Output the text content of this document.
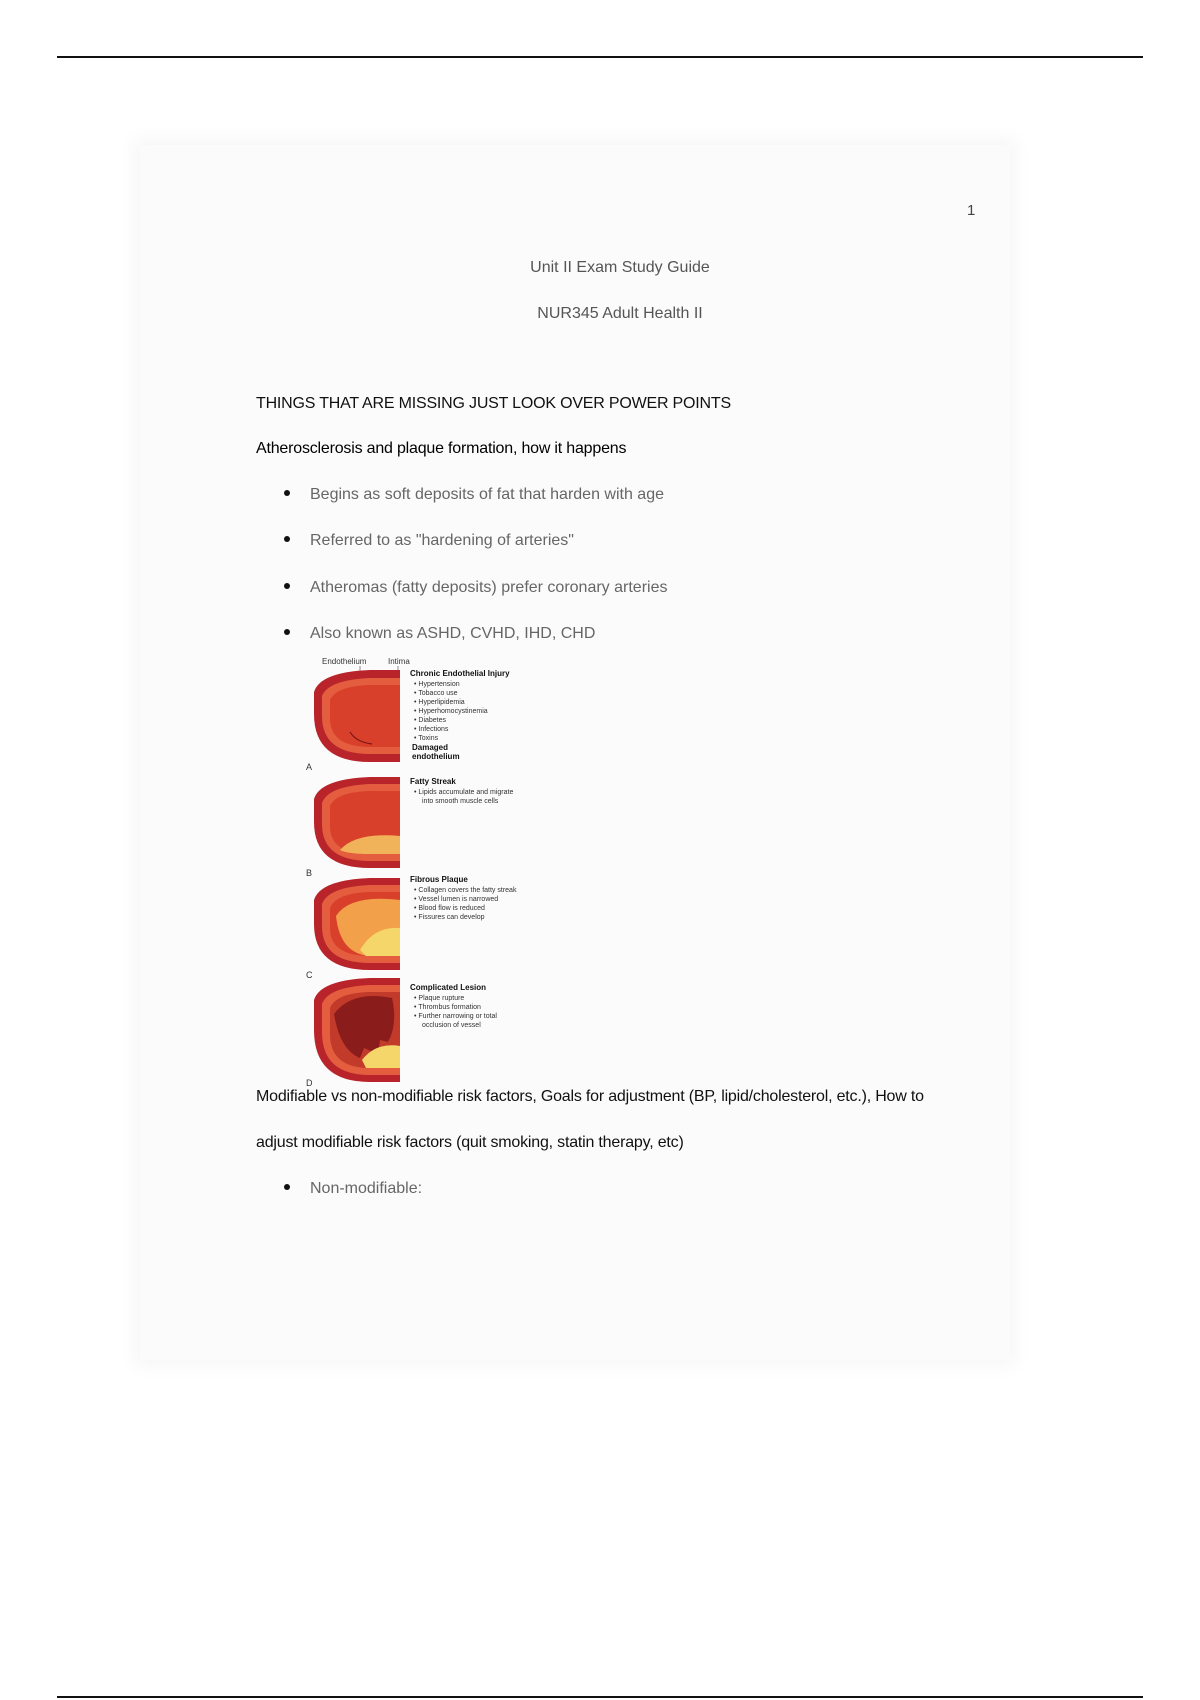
1
Unit II Exam Study Guide
NUR345 Adult Health II
THINGS THAT ARE MISSING JUST LOOK OVER POWER POINTS
Atherosclerosis and plaque formation, how it happens
Begins as soft deposits of fat that harden with age
Referred to as "hardening of arteries"
Atheromas (fatty deposits) prefer coronary arteries
Also known as ASHD, CVHD, IHD, CHD
Endothelium	Intima
A
Chronic Endothelial Injury
• Hypertension
• Tobacco use
• Hyperlipidemia
• Hyperhomocystinemia
• Diabetes
• Infections
• Toxins
Damaged
endothelium
B
Fatty Streak
• Lipids accumulate and migrate
into smooth muscle cells
C
Fibrous Plaque
• Collagen covers the fatty streak
• Vessel lumen is narrowed
• Blood flow is reduced
• Fissures can develop
D
Complicated Lesion
• Plaque rupture
• Thrombus formation
• Further narrowing or total
occlusion of vessel
Modifiable vs non-modifiable risk factors, Goals for adjustment (BP, lipid/cholesterol, etc.), How to
adjust modifiable risk factors (quit smoking, statin therapy, etc)
Non-modifiable:
